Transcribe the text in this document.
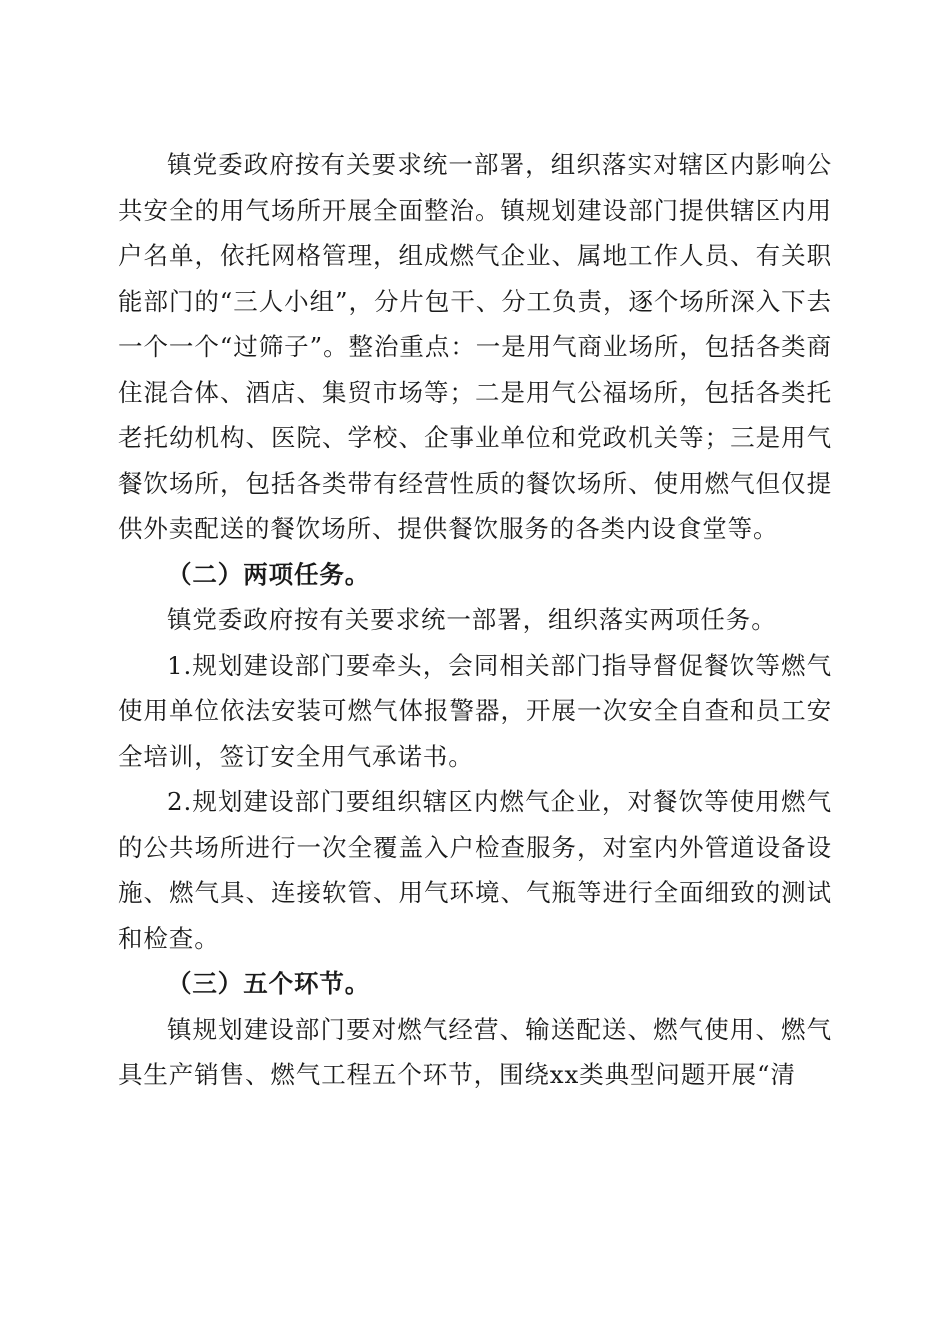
镇党委政府按有关要求统一部署，组织落实对辖区内影响公共安全的用气场所开展全面整治。镇规划建设部门提供辖区内用户名单，依托网格管理，组成燃气企业、属地工作人员、有关职能部门的“三人小组”，分片包干、分工负责，逐个场所深入下去一个一个“过筛子”。整治重点：一是用气商业场所，包括各类商住混合体、酒店、集贸市场等；二是用气公福场所，包括各类托老托幼机构、医院、学校、企事业单位和党政机关等；三是用气餐饮场所，包括各类带有经营性质的餐饮场所、使用燃气但仅提供外卖配送的餐饮场所、提供餐饮服务的各类内设食堂等。

（二）两项任务。

镇党委政府按有关要求统一部署，组织落实两项任务。

1.规划建设部门要牵头，会同相关部门指导督促餐饮等燃气使用单位依法安装可燃气体报警器，开展一次安全自查和员工安全培训，签订安全用气承诺书。

2.规划建设部门要组织辖区内燃气企业，对餐饮等使用燃气的公共场所进行一次全覆盖入户检查服务，对室内外管道设备设施、燃气具、连接软管、用气环境、气瓶等进行全面细致的测试和检查。

（三）五个环节。

镇规划建设部门要对燃气经营、输送配送、燃气使用、燃气具生产销售、燃气工程五个环节，围绕xx类典型问题开展“清
